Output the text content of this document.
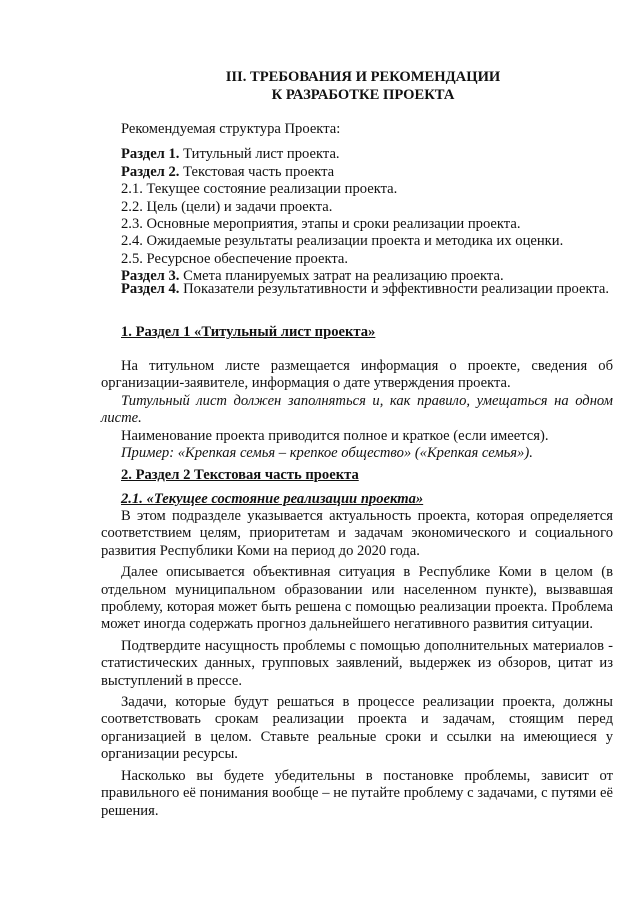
III. ТРЕБОВАНИЯ И РЕКОМЕНДАЦИИ
К РАЗРАБОТКЕ ПРОЕКТА
Рекомендуемая структура Проекта:
Раздел 1. Титульный лист проекта.
Раздел 2. Текстовая часть проекта
2.1. Текущее состояние реализации проекта.
2.2. Цель (цели) и задачи проекта.
2.3. Основные мероприятия, этапы и сроки реализации проекта.
2.4. Ожидаемые результаты реализации проекта и методика их оценки.
2.5. Ресурсное обеспечение проекта.
Раздел 3. Смета планируемых затрат на реализацию проекта.
Раздел 4. Показатели результативности и эффективности реализации проекта.
1. Раздел 1 «Титульный лист проекта»
На титульном листе размещается информация о проекте, сведения об организации-заявителе, информация о дате утверждения проекта.
Титульный лист должен заполняться и, как правило, умещаться на одном листе.
Наименование проекта приводится полное и краткое (если имеется).
Пример: «Крепкая семья – крепкое общество» («Крепкая семья»).
2. Раздел 2 Текстовая часть проекта
2.1. «Текущее состояние реализации проекта»
В этом подразделе указывается актуальность проекта, которая определяется соответствием целям, приоритетам и задачам экономического и социального развития Республики Коми на период до 2020 года.
Далее описывается объективная ситуация в Республике Коми в целом (в отдельном муниципальном образовании или населенном пункте), вызвавшая проблему, которая может быть решена с помощью реализации проекта. Проблема может иногда содержать прогноз дальнейшего негативного развития ситуации.
Подтвердите насущность проблемы с помощью дополнительных материалов - статистических данных, групповых заявлений, выдержек из обзоров, цитат из выступлений в прессе.
Задачи, которые будут решаться в процессе реализации проекта, должны соответствовать срокам реализации проекта и задачам, стоящим перед организацией в целом. Ставьте реальные сроки и ссылки на имеющиеся у организации ресурсы.
Насколько вы будете убедительны в постановке проблемы, зависит от правильного её понимания вообще – не путайте проблему с задачами, с путями её решения.
